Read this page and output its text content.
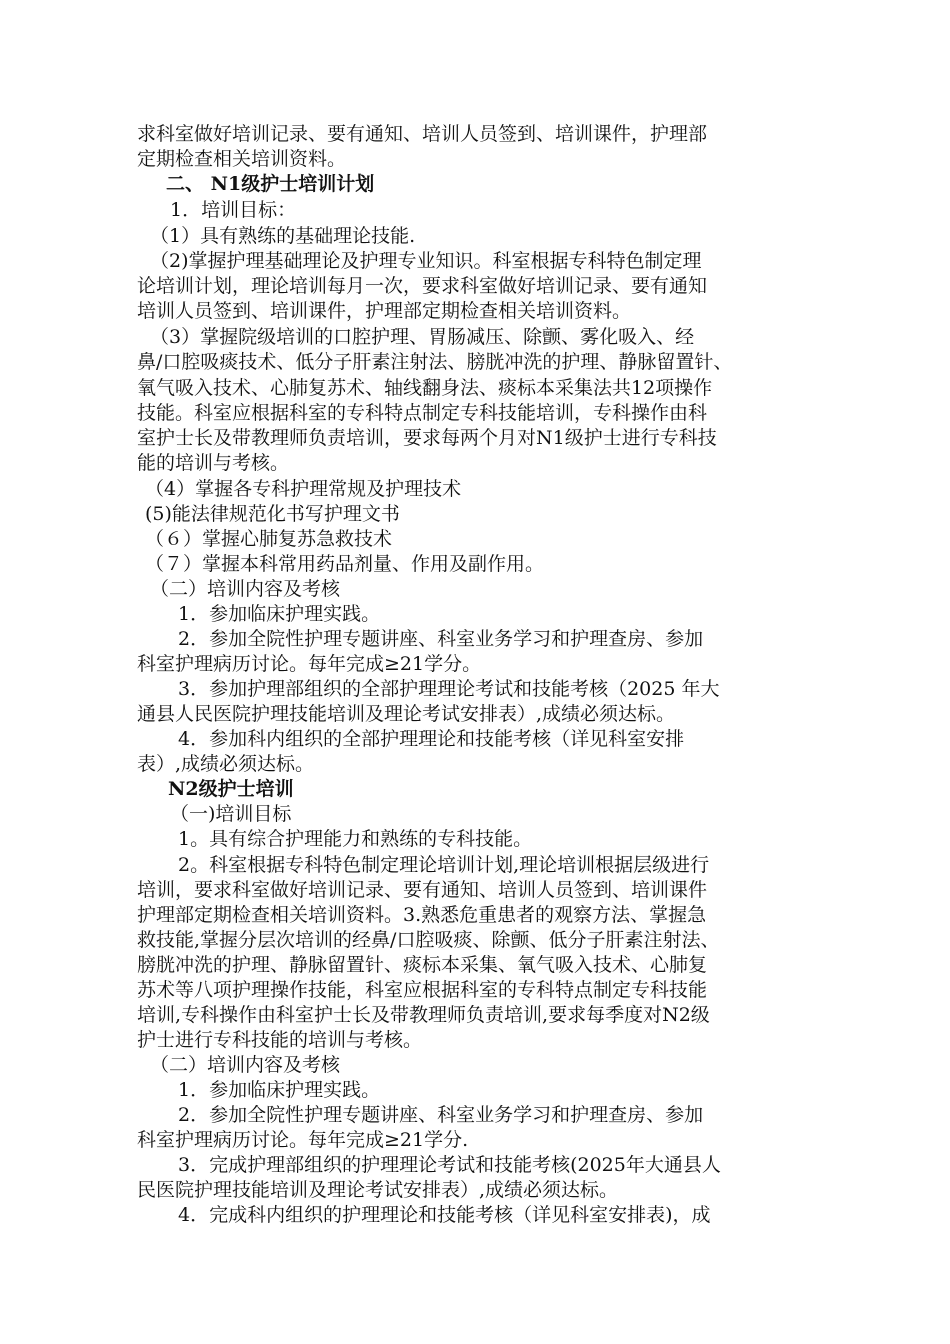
求科室做好培训记录、要有通知、培训人员签到、培训课件，护理部
定期检查相关培训资料。
二、 N1级护士培训计划
1．培训目标：
（1）具有熟练的基础理论技能.
（2)掌握护理基础理论及护理专业知识。科室根据专科特色制定理
论培训计划，理论培训每月一次，要求科室做好培训记录、要有通知
培训人员签到、培训课件，护理部定期检查相关培训资料。
（3）掌握院级培训的口腔护理、胃肠减压、除颤、雾化吸入、经
鼻/口腔吸痰技术、低分子肝素注射法、膀胱冲洗的护理、静脉留置针、
氧气吸入技术、心肺复苏术、轴线翻身法、痰标本采集法共12项操作
技能。科室应根据科室的专科特点制定专科技能培训，专科操作由科
室护士长及带教理师负责培训，要求每两个月对N1级护士进行专科技
能的培训与考核。
（4）掌握各专科护理常规及护理技术
(5)能法律规范化书写护理文书
（６）掌握心肺复苏急救技术
（７）掌握本科常用药品剂量、作用及副作用。
（二）培训内容及考核
1．参加临床护理实践。
2．参加全院性护理专题讲座、科室业务学习和护理查房、参加
科室护理病历讨论。每年完成≥21学分。
3．参加护理部组织的全部护理理论考试和技能考核（2025 年大
通县人民医院护理技能培训及理论考试安排表）,成绩必须达标。
4．参加科内组织的全部护理理论和技能考核（详见科室安排
表）,成绩必须达标。
N2级护士培训
（一)培训目标
1。具有综合护理能力和熟练的专科技能。
2。科室根据专科特色制定理论培训计划,理论培训根据层级进行
培训，要求科室做好培训记录、要有通知、培训人员签到、培训课件
护理部定期检查相关培训资料。3.熟悉危重患者的观察方法、掌握急
救技能,掌握分层次培训的经鼻/口腔吸痰、除颤、低分子肝素注射法、
膀胱冲洗的护理、静脉留置针、痰标本采集、氧气吸入技术、心肺复
苏术等八项护理操作技能，科室应根据科室的专科特点制定专科技能
培训,专科操作由科室护士长及带教理师负责培训,要求每季度对N2级
护士进行专科技能的培训与考核。
（二）培训内容及考核
1．参加临床护理实践。
2．参加全院性护理专题讲座、科室业务学习和护理查房、参加
科室护理病历讨论。每年完成≥21学分.
3．完成护理部组织的护理理论考试和技能考核(2025年大通县人
民医院护理技能培训及理论考试安排表）,成绩必须达标。
4．完成科内组织的护理理论和技能考核（详见科室安排表)，成
